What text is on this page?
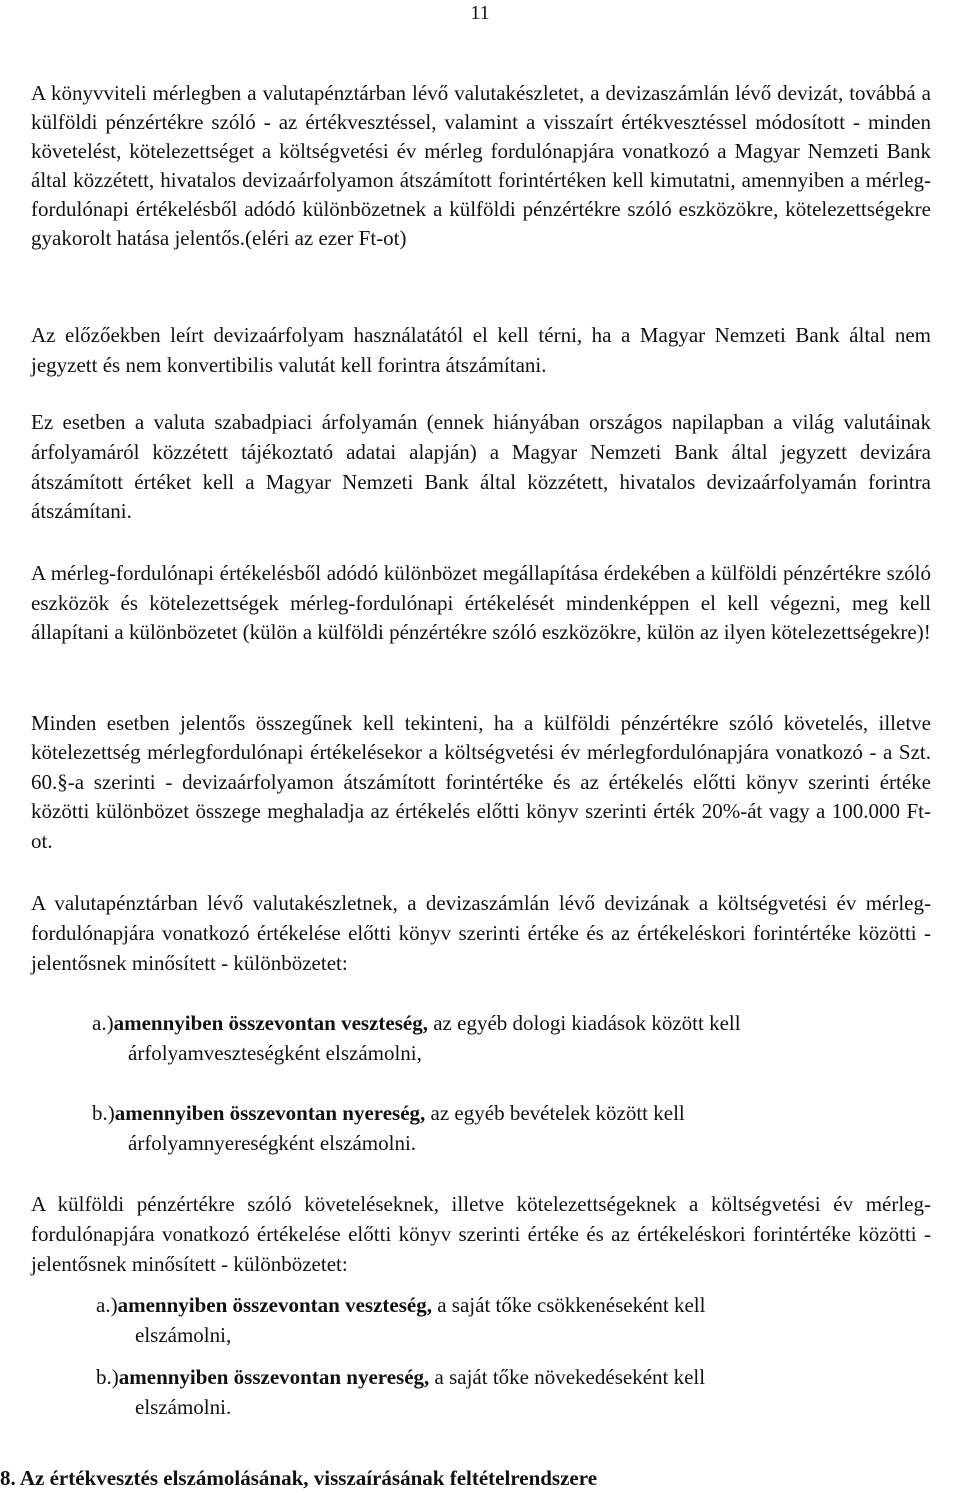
11

A könyvviteli mérlegben a valutapénztárban lévő valutakészletet, a devizaszámlán lévő devizát, továbbá a külföldi pénzértékre szóló - az értékvesztéssel, valamint a visszaírt értékvesztéssel módosított - minden követelést, kötelezettséget a költségvetési év mérleg fordulónapjára vonatkozó a Magyar Nemzeti Bank által közzétett, hivatalos devizaárfolyamon átszámított forintértéken kell kimutatni, amennyiben a mérleg-fordulónapi értékelésből adódó különbözetnek a külföldi pénzértékre szóló eszközökre, kötelezettségekre gyakorolt hatása jelentős.(eléri az ezer Ft-ot)

Az előzőekben leírt devizaárfolyam használatától el kell térni, ha a Magyar Nemzeti Bank által nem jegyzett és nem konvertibilis valutát kell forintra átszámítani.

Ez esetben a valuta szabadpiaci árfolyamán (ennek hiányában országos napilapban a világ valutáinak árfolyamáról közzétett tájékoztató adatai alapján) a Magyar Nemzeti Bank által jegyzett devizára átszámított értéket kell a Magyar Nemzeti Bank által közzétett, hivatalos devizaárfolyamán forintra átszámítani.

A mérleg-fordulónapi értékelésből adódó különbözet megállapítása érdekében a külföldi pénzértékre szóló eszközök és kötelezettségek mérleg-fordulónapi értékelését mindenképpen el kell végezni, meg kell állapítani a különbözetet (külön a külföldi pénzértékre szóló eszközökre, külön az ilyen kötelezettségekre)!

Minden esetben jelentős összegűnek kell tekinteni, ha a külföldi pénzértékre szóló követelés, illetve kötelezettség mérlegfordulónapi értékelésekor a költségvetési év mérlegfordulónapjára vonatkozó - a Szt. 60.§-a szerinti - devizaárfolyamon átszámított forintértéke és az értékelés előtti könyv szerinti értéke közötti különbözet összege meghaladja az értékelés előtti könyv szerinti érték 20%-át vagy a 100.000 Ft-ot.

A valutapénztárban lévő valutakészletnek, a devizaszámlán lévő devizának a költségvetési év mérleg-fordulónapjára vonatkozó értékelése előtti könyv szerinti értéke és az értékeléskori forintértéke közötti -jelentősnek minősített - különbözetet:

a.)amennyiben összevontan veszteség, az egyéb dologi kiadások között kell
árfolyamveszteségként elszámolni,
b.)amennyiben összevontan nyereség, az egyéb bevételek között kell
árfolyamnyereségként elszámolni.

A külföldi pénzértékre szóló követeléseknek, illetve kötelezettségeknek a költségvetési év mérleg-fordulónapjára vonatkozó értékelése előtti könyv szerinti értéke és az értékeléskori forintértéke közötti -jelentősnek minősített - különbözetet:

a.)amennyiben összevontan veszteség, a saját tőke csökkenéseként kell
elszámolni,
b.)amennyiben összevontan nyereség, a saját tőke növekedéseként kell
elszámolni.
8. Az értékvesztés elszámolásának, visszaírásának feltételrendszere
